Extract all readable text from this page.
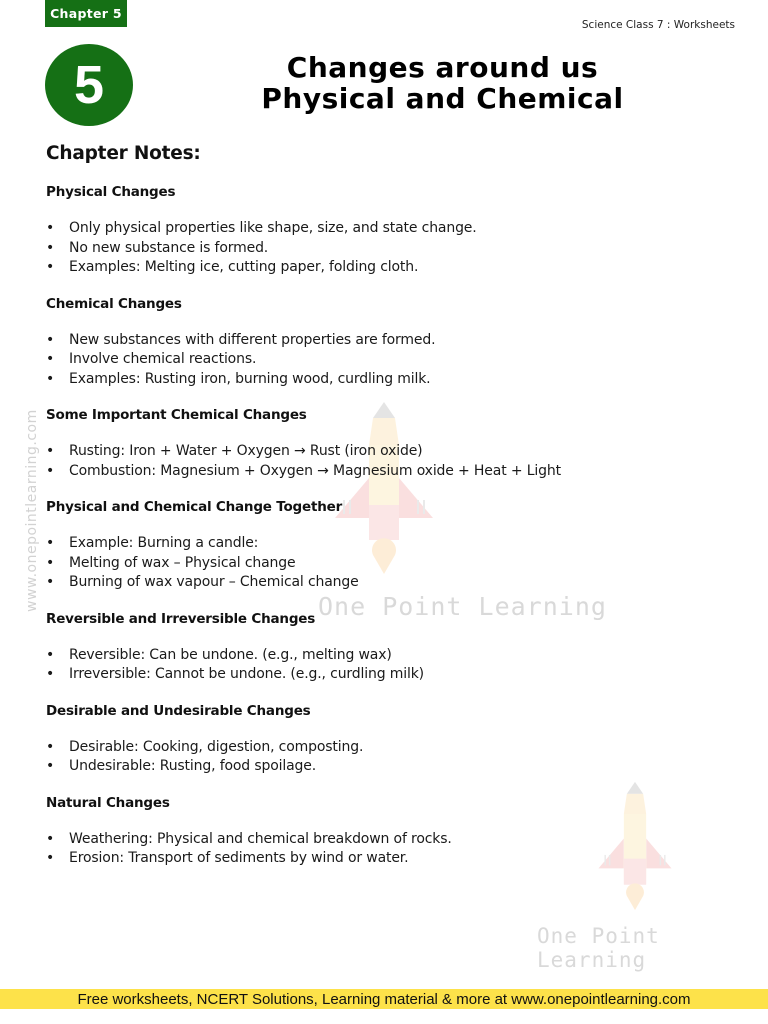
Chapter 5
Science Class 7 : Worksheets
5	Changes around us
Physical and Chemical
www.onepointlearning.com	One Point Learning
One Point Learning
Chapter Notes:
Physical Changes
• Only physical properties like shape, size, and state change.
• No new substance is formed.
• Examples: Melting ice, cutting paper, folding cloth.
Chemical Changes
• New substances with different properties are formed.
• Involve chemical reactions.
• Examples: Rusting iron, burning wood, curdling milk.
Some Important Chemical Changes
• Rusting: Iron + Water + Oxygen → Rust (iron oxide)
• Combustion: Magnesium + Oxygen → Magnesium oxide + Heat + Light
Physical and Chemical Change Together
• Example: Burning a candle:
• Melting of wax – Physical change
• Burning of wax vapour – Chemical change
Reversible and Irreversible Changes
• Reversible: Can be undone. (e.g., melting wax)
• Irreversible: Cannot be undone. (e.g., curdling milk)
Desirable and Undesirable Changes
• Desirable: Cooking, digestion, composting.
• Undesirable: Rusting, food spoilage.
Natural Changes
• Weathering: Physical and chemical breakdown of rocks.
• Erosion: Transport of sediments by wind or water.
Free worksheets, NCERT Solutions, Learning material & more at www.onepointlearning.com
